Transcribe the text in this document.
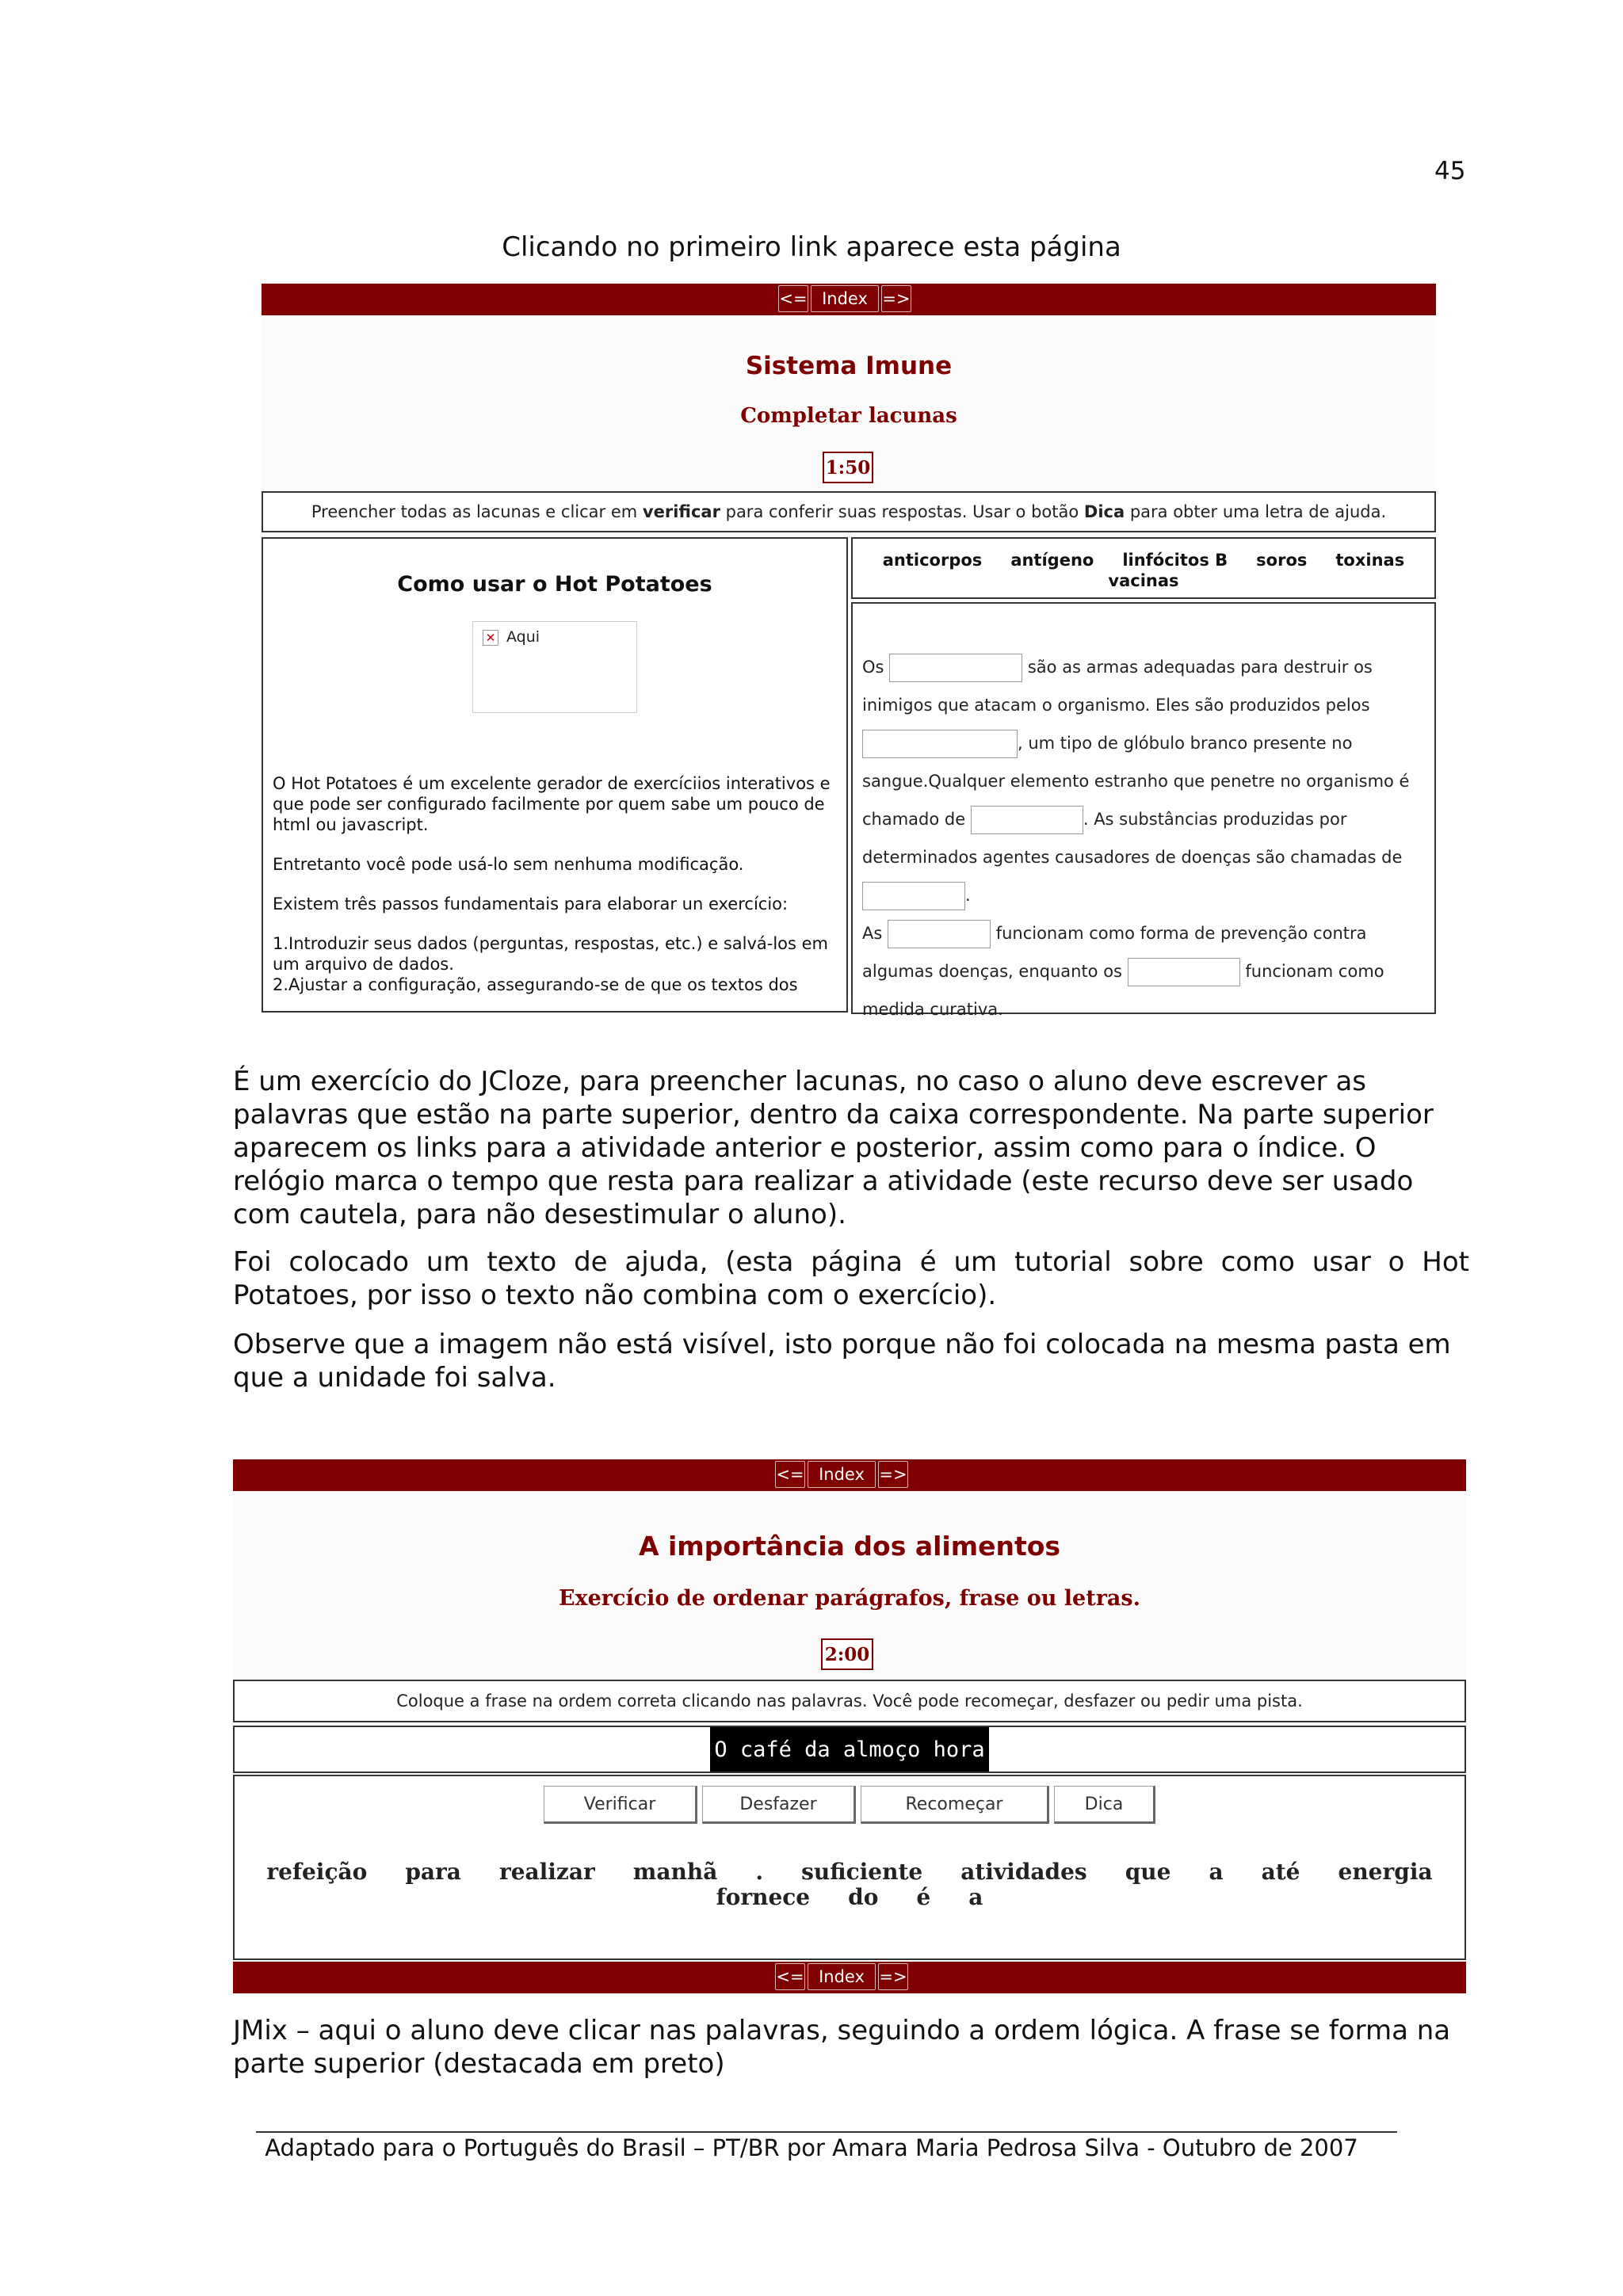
45
Clicando no primeiro link aparece esta página
<= Index =>
Sistema Imune
Completar lacunas
1:50
Preencher todas as lacunas e clicar em verificar para conferir suas respostas. Usar o botão Dica para obter uma letra de ajuda.
Como usar o Hot Potatoes
✕ Aqui

O Hot Potatoes é um excelente gerador de exercíciios interativos e que pode ser configurado facilmente por quem sabe um pouco de html ou javascript.

Entretanto você pode usá-lo sem nenhuma modificação.

Existem três passos fundamentais para elaborar un exercício:

1.Introduzir seus dados (perguntas, respostas, etc.) e salvá-los em um arquivo de dados.

2.Ajustar a configuração, assegurando-se de que os textos dos

anticorpos antígeno linfócitos B soros toxinas
vacinas
Os	são as armas adequadas para destruir os inimigos que atacam o organismo. Eles são produzidos pelos
, um tipo de glóbulo branco presente no sangue.Qualquer elemento estranho que penetre no organismo é chamado de	. As substâncias produzidas por determinados agentes causadores de doenças são chamadas de
.
As	funcionam como forma de prevenção contra algumas doenças, enquanto os	funcionam como medida curativa.
É um exercício do JCloze, para preencher lacunas, no caso o aluno deve escrever as palavras que estão na parte superior, dentro da caixa correspondente. Na parte superior aparecem os links para a atividade anterior e posterior, assim como para o índice. O relógio marca o tempo que resta para realizar a atividade (este recurso deve ser usado com cautela, para não desestimular o aluno).
Foi colocado um texto de ajuda, (esta página é um tutorial sobre como usar o Hot Potatoes, por isso o texto não combina com o exercício).
Observe que a imagem não está visível, isto porque não foi colocada na mesma pasta em que a unidade foi salva.
<= Index =>
A importância dos alimentos
Exercício de ordenar parágrafos, frase ou letras.
2:00
Coloque a frase na ordem correta clicando nas palavras. Você pode recomeçar, desfazer ou pedir uma pista.
O café da almoço hora
Verificar	Desfazer	Recomeçar	Dica
refeição para realizar manhã . suficiente atividades que a até energia
fornece do é a
<= Index =>
JMix – aqui o aluno deve clicar nas palavras, seguindo a ordem lógica. A frase se forma na parte superior (destacada em preto)
Adaptado para o Português do Brasil – PT/BR por Amara Maria Pedrosa Silva - Outubro de 2007
